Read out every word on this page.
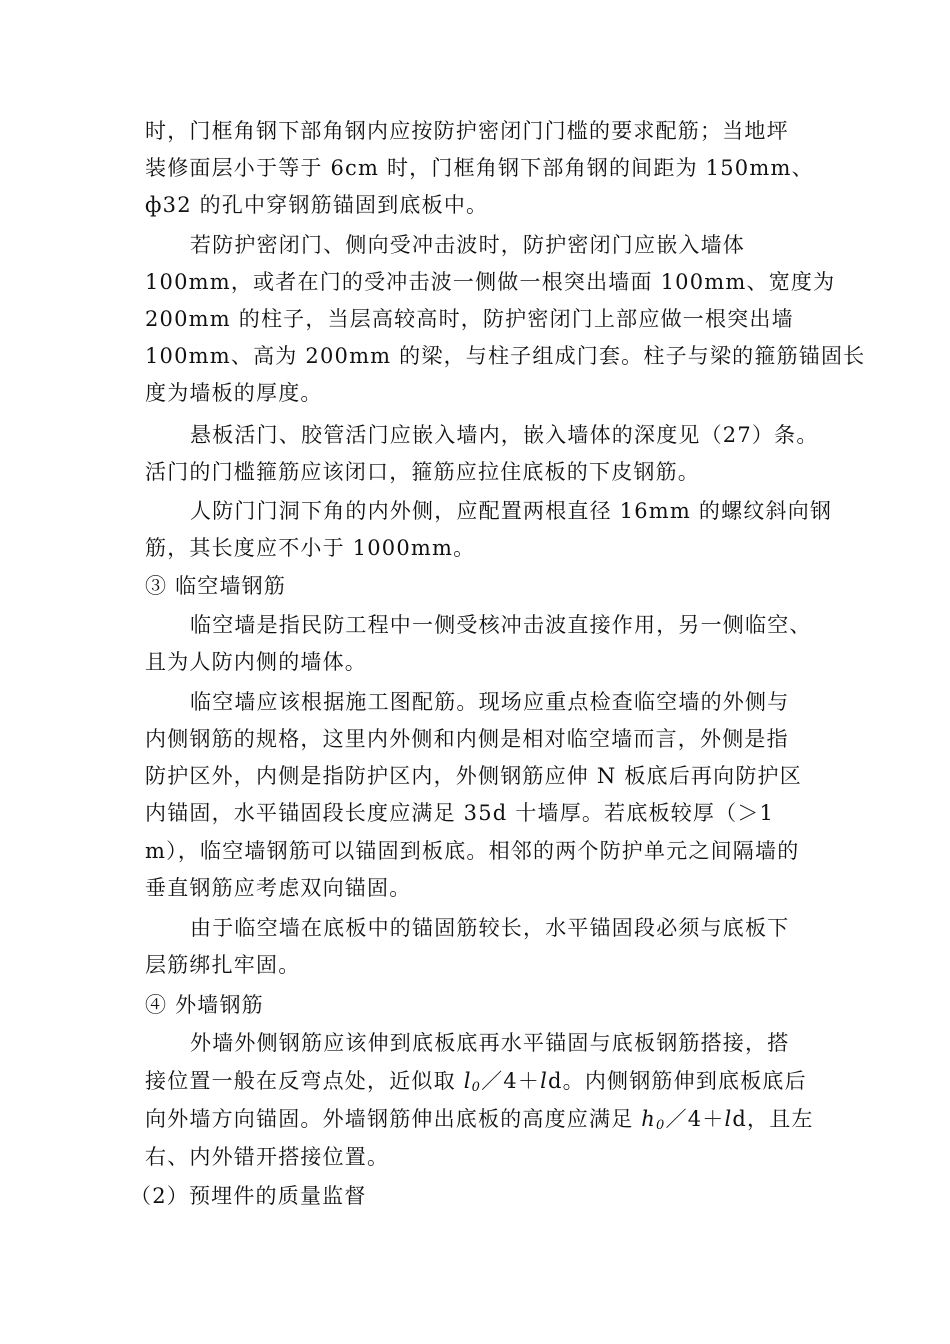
时，门框角钢下部角钢内应按防护密闭门门槛的要求配筋；当地坪
装修面层小于等于 6cm 时，门框角钢下部角钢的间距为 150mm、
ф32 的孔中穿钢筋锚固到底板中。
若防护密闭门、侧向受冲击波时，防护密闭门应嵌入墙体
100mm，或者在门的受冲击波一侧做一根突出墙面 100mm、宽度为
200mm 的柱子，当层高较高时，防护密闭门上部应做一根突出墙
100mm、高为 200mm 的梁，与柱子组成门套。柱子与梁的箍筋锚固长
度为墙板的厚度。
悬板活门、胶管活门应嵌入墙内，嵌入墙体的深度见（27）条。
活门的门槛箍筋应该闭口，箍筋应拉住底板的下皮钢筋。
人防门门洞下角的内外侧，应配置两根直径 16mm 的螺纹斜向钢
筋，其长度应不小于 1000mm。
③ 临空墙钢筋
临空墙是指民防工程中一侧受核冲击波直接作用，另一侧临空、
且为人防内侧的墙体。
临空墙应该根据施工图配筋。现场应重点检查临空墙的外侧与
内侧钢筋的规格，这里内外侧和内侧是相对临空墙而言，外侧是指
防护区外，内侧是指防护区内，外侧钢筋应伸 N 板底后再向防护区
内锚固，水平锚固段长度应满足 35d 十墙厚。若底板较厚（＞1
m），临空墙钢筋可以锚固到板底。相邻的两个防护单元之间隔墙的
垂直钢筋应考虑双向锚固。
由于临空墙在底板中的锚固筋较长，水平锚固段必须与底板下
层筋绑扎牢固。
④ 外墙钢筋
外墙外侧钢筋应该伸到底板底再水平锚固与底板钢筋搭接，搭
接位置一般在反弯点处，近似取 $l_0/4+ld$。内侧钢筋伸到底板底后
向外墙方向锚固。外墙钢筋伸出底板的高度应满足 $h_0/4+ld$，且左
右、内外错开搭接位置。
（2）预埋件的质量监督
